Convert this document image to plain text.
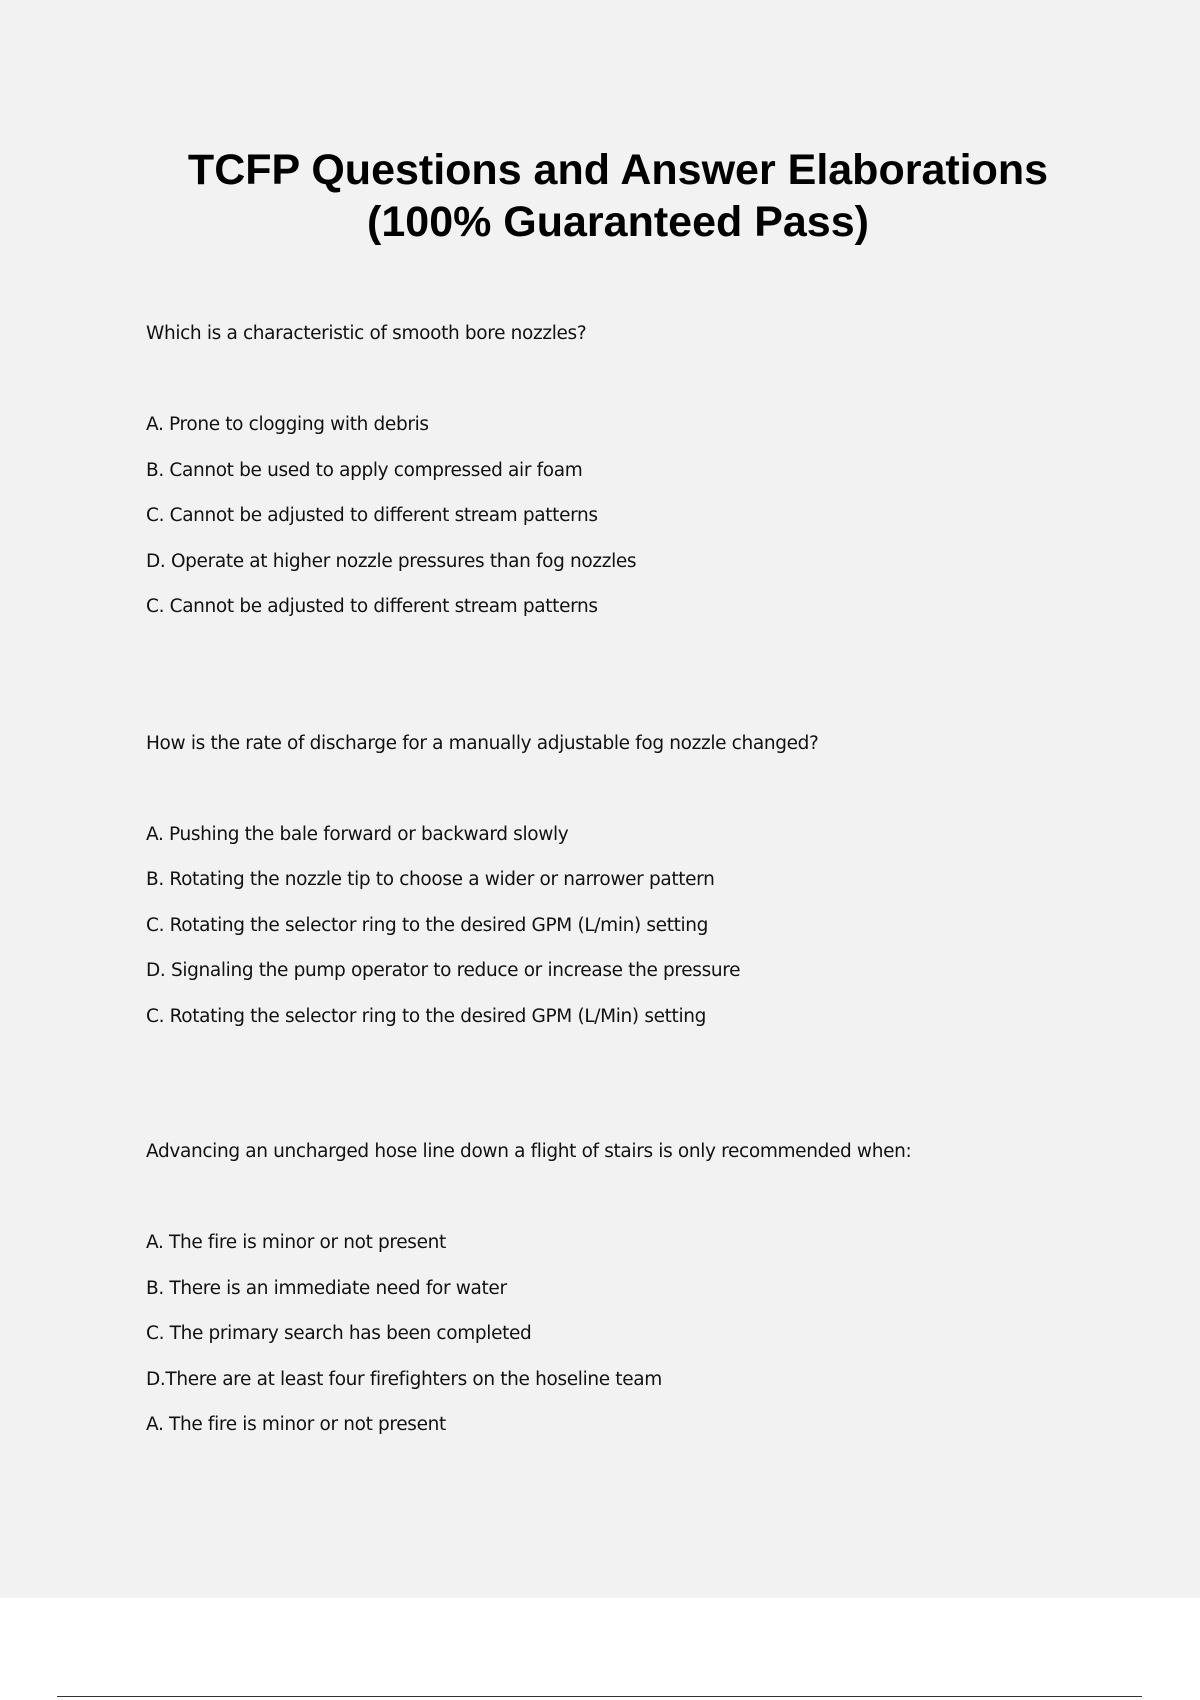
TCFP Questions and Answer Elaborations
(100% Guaranteed Pass)
Which is a characteristic of smooth bore nozzles?
A. Prone to clogging with debris
B. Cannot be used to apply compressed air foam
C. Cannot be adjusted to different stream patterns
D. Operate at higher nozzle pressures than fog nozzles
C. Cannot be adjusted to different stream patterns
How is the rate of discharge for a manually adjustable fog nozzle changed?
A. Pushing the bale forward or backward slowly
B. Rotating the nozzle tip to choose a wider or narrower pattern
C. Rotating the selector ring to the desired GPM (L/min) setting
D. Signaling the pump operator to reduce or increase the pressure
C. Rotating the selector ring to the desired GPM (L/Min) setting
Advancing an uncharged hose line down a flight of stairs is only recommended when:
A. The fire is minor or not present
B. There is an immediate need for water
C. The primary search has been completed
D.There are at least four firefighters on the hoseline team
A. The fire is minor or not present
